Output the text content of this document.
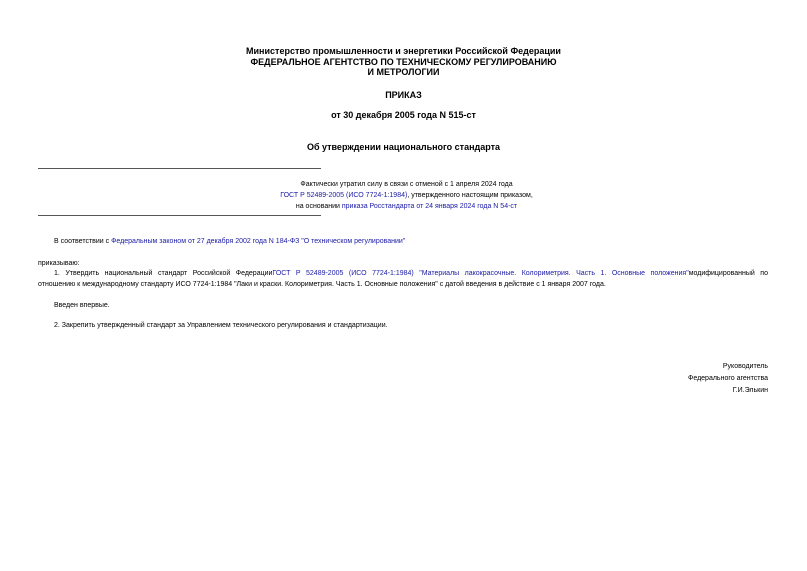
Министерство промышленности и энергетики Российской Федерации
ФЕДЕРАЛЬНОЕ АГЕНТСТВО ПО ТЕХНИЧЕСКОМУ РЕГУЛИРОВАНИЮ
И МЕТРОЛОГИИ
ПРИКАЗ
от 30 декабря 2005 года N 515-ст
Об утверждении национального стандарта
Фактически утратил силу в связи с отменой с 1 апреля 2024 года
ГОСТ Р 52489-2005 (ИСО 7724-1:1984), утвержденного настоящим приказом,
на основании приказа Росстандарта от 24 января 2024 года N 54-ст
В соответствии с Федеральным законом от 27 декабря 2002 года N 184-ФЗ "О техническом регулировании"
приказываю:
1. Утвердить национальный стандарт Российской ФедерацииГОСТ Р 52489-2005 (ИСО 7724-1:1984) "Материалы лакокрасочные. Колориметрия. Часть 1. Основные положения"модифицированный по
отношению к международному стандарту ИСО 7724-1:1984 "Лаки и краски. Колориметрия. Часть 1. Основные положения" с датой введения в действие с 1 января 2007 года.
Введен впервые.
2. Закрепить утвержденный стандарт за Управлением технического регулирования и стандартизации.
Руководитель
Федерального агентства
Г.И.Элькин
